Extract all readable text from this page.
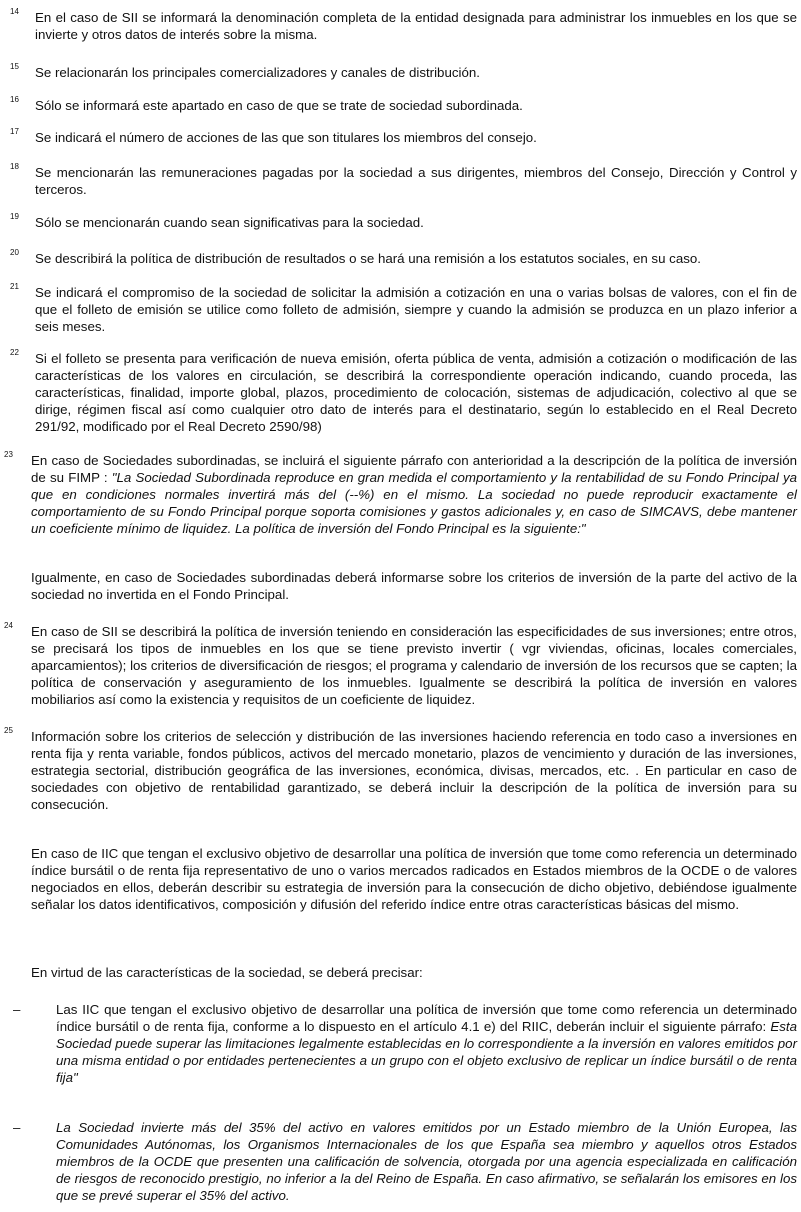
14 En el caso de SII se informará la denominación completa de la entidad designada para administrar los inmuebles en los que se invierte y otros datos de interés sobre la misma.
15 Se relacionarán los principales comercializadores y canales de distribución.
16 Sólo se informará este apartado en caso de que se trate de sociedad subordinada.
17 Se indicará el número de acciones de las que son titulares los miembros del consejo.
18 Se mencionarán las remuneraciones pagadas por la sociedad a sus dirigentes, miembros del Consejo, Dirección y Control y terceros.
19 Sólo se mencionarán cuando sean significativas para la sociedad.
20 Se describirá la política de distribución de resultados o se hará una remisión a los estatutos sociales, en su caso.
21 Se indicará el compromiso de la sociedad de solicitar la admisión a cotización en una o varias bolsas de valores, con el fin de que el folleto de emisión se utilice como folleto de admisión, siempre y cuando la admisión se produzca en un plazo inferior a seis meses.
22 Si el folleto se presenta para verificación de nueva emisión, oferta pública de venta, admisión a cotización o modificación de las características de los valores en circulación, se describirá la correspondiente operación indicando, cuando proceda, las características, finalidad, importe global, plazos, procedimiento de colocación, sistemas de adjudicación, colectivo al que se dirige, régimen fiscal así como cualquier otro dato de interés para el destinatario, según lo establecido en el Real Decreto 291/92, modificado por el Real Decreto 2590/98)
23 En caso de Sociedades subordinadas, se incluirá el siguiente párrafo con anterioridad a la descripción de la política de inversión de su FIMP : "La Sociedad Subordinada reproduce en gran medida el comportamiento y la rentabilidad de su Fondo Principal ya que en condiciones normales invertirá más del (--%) en el mismo. La sociedad no puede reproducir exactamente el comportamiento de su Fondo Principal porque soporta comisiones y gastos adicionales y, en caso de SIMCAVS, debe mantener un coeficiente mínimo de liquidez. La política de inversión del Fondo Principal es la siguiente:"
Igualmente, en caso de Sociedades subordinadas deberá informarse sobre los criterios de inversión de la parte del activo de la sociedad no invertida en el Fondo Principal.
24 En caso de SII se describirá la política de inversión teniendo en consideración las especificidades de sus inversiones; entre otros, se precisará los tipos de inmuebles en los que se tiene previsto invertir ( vgr viviendas, oficinas, locales comerciales, aparcamientos); los criterios de diversificación de riesgos; el programa y calendario de inversión de los recursos que se capten; la política de conservación y aseguramiento de los inmuebles. Igualmente se describirá la política de inversión en valores mobiliarios así como la existencia y requisitos de un coeficiente de liquidez.
25 Información sobre los criterios de selección y distribución de las inversiones haciendo referencia en todo caso a inversiones en renta fija y renta variable, fondos públicos, activos del mercado monetario, plazos de vencimiento y duración de las inversiones, estrategia sectorial, distribución geográfica de las inversiones, económica, divisas, mercados, etc. . En particular en caso de sociedades con objetivo de rentabilidad garantizado, se deberá incluir la descripción de la política de inversión para su consecución.
En caso de IIC que tengan el exclusivo objetivo de desarrollar una política de inversión que tome como referencia un determinado índice bursátil o de renta fija representativo de uno o varios mercados radicados en Estados miembros de la OCDE o de valores negociados en ellos, deberán describir su estrategia de inversión para la consecución de dicho objetivo, debiéndose igualmente señalar los datos identificativos, composición y difusión del referido índice entre otras características básicas del mismo.
En virtud de las características de la sociedad, se deberá precisar:
–	Las IIC que tengan el exclusivo objetivo de desarrollar una política de inversión que tome como referencia un determinado índice bursátil o de renta fija, conforme a lo dispuesto en el artículo 4.1 e) del RIIC, deberán incluir el siguiente párrafo: Esta Sociedad puede superar las limitaciones legalmente establecidas en lo correspondiente a la inversión en valores emitidos por una misma entidad o por entidades pertenecientes a un grupo con el objeto exclusivo de replicar un índice bursátil o de renta fija"
–	La Sociedad invierte más del 35% del activo en valores emitidos por un Estado miembro de la Unión Europea, las Comunidades Autónomas, los Organismos Internacionales de los que España sea miembro y aquellos otros Estados miembros de la OCDE que presenten una calificación de solvencia, otorgada por una agencia especializada en calificación de riesgos de reconocido prestigio, no inferior a la del Reino de España. En caso afirmativo, se señalarán los emisores en los que se prevé superar el 35% del activo.
